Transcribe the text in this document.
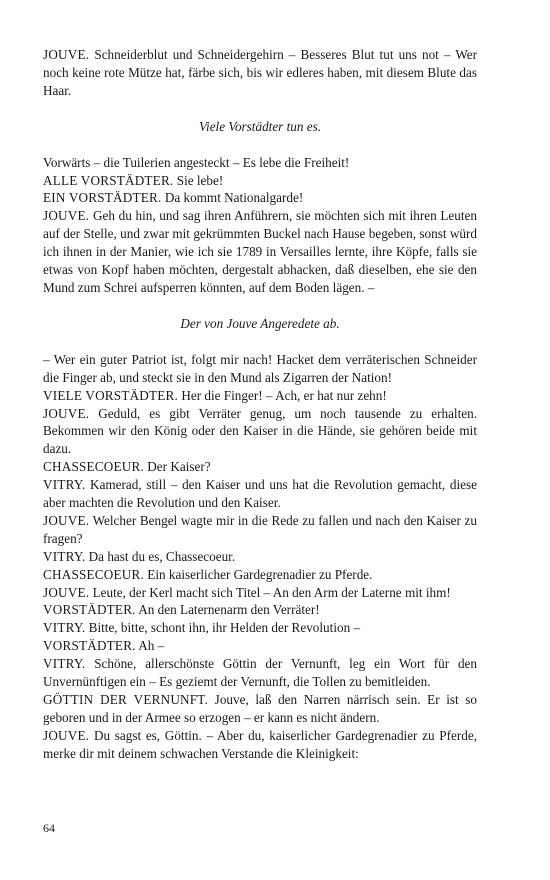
JOUVE. Schneiderblut und Schneidergehirn – Besseres Blut tut uns not – Wer noch keine rote Mütze hat, färbe sich, bis wir edleres haben, mit diesem Blute das Haar.

Viele Vorstädter tun es.

Vorwärts – die Tuilerien angesteckt – Es lebe die Freiheit!

ALLE VORSTÄDTER. Sie lebe!

EIN VORSTÄDTER. Da kommt Nationalgarde!

JOUVE. Geh du hin, und sag ihren Anführern, sie möchten sich mit ihren Leuten auf der Stelle, und zwar mit gekrümmten Buckel nach Hause begeben, sonst würd ich ihnen in der Manier, wie ich sie 1789 in Versailles lernte, ihre Köpfe, falls sie etwas von Kopf haben möchten, dergestalt abhacken, daß dieselben, ehe sie den Mund zum Schrei aufsperren könnten, auf dem Boden lägen. –

Der von Jouve Angeredete ab.

– Wer ein guter Patriot ist, folgt mir nach! Hacket dem verräterischen Schneider die Finger ab, und steckt sie in den Mund als Zigarren der Nation!

VIELE VORSTÄDTER. Her die Finger! – Ach, er hat nur zehn!

JOUVE. Geduld, es gibt Verräter genug, um noch tausende zu erhalten. Bekommen wir den König oder den Kaiser in die Hände, sie gehören beide mit dazu.

CHASSECOEUR. Der Kaiser?

VITRY. Kamerad, still – den Kaiser und uns hat die Revolution gemacht, diese aber machten die Revolution und den Kaiser.

JOUVE. Welcher Bengel wagte mir in die Rede zu fallen und nach den Kaiser zu fragen?

VITRY. Da hast du es, Chassecoeur.

CHASSECOEUR. Ein kaiserlicher Gardegrenadier zu Pferde.

JOUVE. Leute, der Kerl macht sich Titel – An den Arm der Laterne mit ihm!

VORSTÄDTER. An den Laternenarm den Verräter!

VITRY. Bitte, bitte, schont ihn, ihr Helden der Revolution –

VORSTÄDTER. Ah –

VITRY. Schöne, allerschönste Göttin der Vernunft, leg ein Wort für den Unvernünftigen ein – Es geziemt der Vernunft, die Tollen zu bemitleiden.

GÖTTIN DER VERNUNFT. Jouve, laß den Narren närrisch sein. Er ist so geboren und in der Armee so erzogen – er kann es nicht ändern.

JOUVE. Du sagst es, Göttin. – Aber du, kaiserlicher Gardegrenadier zu Pferde, merke dir mit deinem schwachen Verstande die Kleinigkeit:

64
